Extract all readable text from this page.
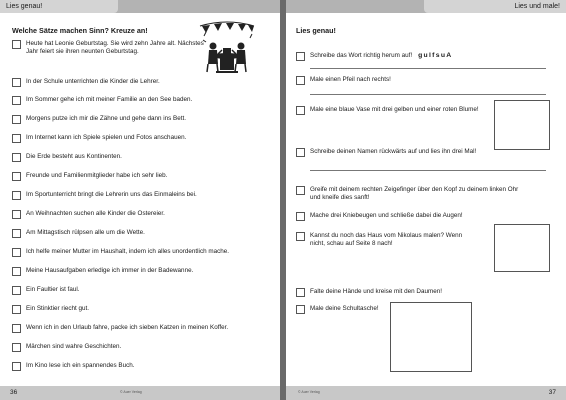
Lies genau!
Welche Sätze machen Sinn? Kreuze an!
Heute hat Leonie Geburtstag. Sie wird zehn Jahre alt. Nächstes Jahr feiert sie ihren neunten Geburtstag.
In der Schule unterrichten die Kinder die Lehrer.
Im Sommer gehe ich mit meiner Familie an den See baden.
Morgens putze ich mir die Zähne und gehe dann ins Bett.
Im Internet kann ich Spiele spielen und Fotos anschauen.
Die Erde besteht aus Kontinenten.
Freunde und Familienmitglieder habe ich sehr lieb.
Im Sportunterricht bringt die Lehrerin uns das Einmaleins bei.
An Weihnachten suchen alle Kinder die Ostereier.
Am Mittagstisch rülpsen alle um die Wette.
Ich helfe meiner Mutter im Haushalt, indem ich alles unordentlich mache.
Meine Hausaufgaben erledige ich immer in der Badewanne.
Ein Faultier ist faul.
Ein Stinktier riecht gut.
Wenn ich in den Urlaub fahre, packe ich sieben Katzen in meinen Koffer.
Märchen sind wahre Geschichten.
Im Kino lese ich ein spannendes Buch.
36	© Auer Verlag
Lies und male!
Lies genau!
Schreibe das Wort richtig herum auf! gulfsuA
Male einen Pfeil nach rechts!
Male eine blaue Vase mit drei gelben und einer roten Blume!
Schreibe deinen Namen rückwärts auf und lies ihn drei Mal!
Greife mit deinem rechten Zeigefinger über den Kopf zu deinem linken Ohr und kneife dies sanft!
Mache drei Kniebeugen und schließe dabei die Augen!
Kannst du noch das Haus vom Nikolaus malen? Wenn nicht, schau auf Seite 8 nach!
Falte deine Hände und kreise mit den Daumen!
Male deine Schultasche!
© Auer Verlag	37
